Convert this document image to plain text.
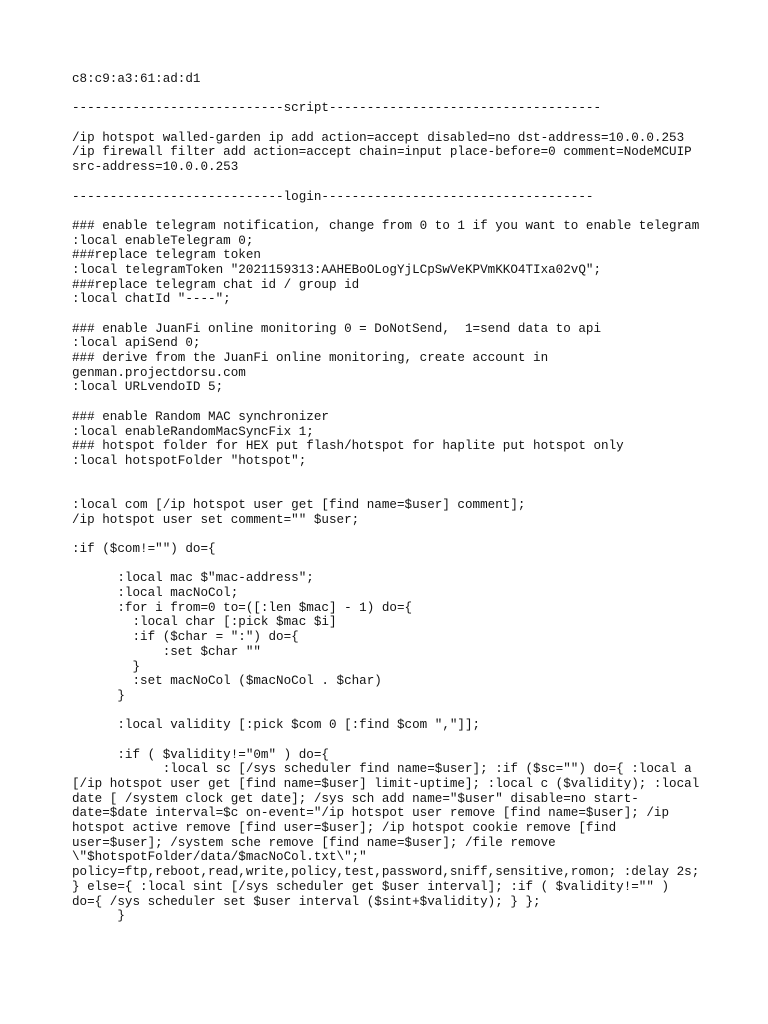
c8:c9:a3:61:ad:d1
----------------------------script------------------------------------
/ip hotspot walled-garden ip add action=accept disabled=no dst-address=10.0.0.253
/ip firewall filter add action=accept chain=input place-before=0 comment=NodeMCUIP
src-address=10.0.0.253
----------------------------login------------------------------------
### enable telegram notification, change from 0 to 1 if you want to enable telegram
:local enableTelegram 0;
###replace telegram token
:local telegramToken "2021159313:AAHEBoOLogYjLCpSwVeKPVmKKO4TIxa02vQ";
###replace telegram chat id / group id
:local chatId "----";
### enable JuanFi online monitoring 0 = DoNotSend,  1=send data to api
:local apiSend 0;
### derive from the JuanFi online monitoring, create account in
genman.projectdorsu.com
:local URLvendoID 5;
### enable Random MAC synchronizer
:local enableRandomMacSyncFix 1;
### hotspot folder for HEX put flash/hotspot for haplite put hotspot only
:local hotspotFolder "hotspot";
:local com [/ip hotspot user get [find name=$user] comment];
/ip hotspot user set comment="" $user;
:if ($com!="") do={
:local mac $"mac-address";
:local macNoCol;
:for i from=0 to=([:len $mac] - 1) do={
:local char [:pick $mac $i]
:if ($char = ":") do={
:set $char ""
}
:set macNoCol ($macNoCol . $char)
}
:local validity [:pick $com 0 [:find $com ","]];
:if ( $validity!="0m" ) do={
:local sc [/sys scheduler find name=$user]; :if ($sc="") do={ :local a
[/ip hotspot user get [find name=$user] limit-uptime]; :local c ($validity); :local
date [ /system clock get date]; /sys sch add name="$user" disable=no start-
date=$date interval=$c on-event="/ip hotspot user remove [find name=$user]; /ip
hotspot active remove [find user=$user]; /ip hotspot cookie remove [find
user=$user]; /system sche remove [find name=$user]; /file remove
\"$hotspotFolder/data/$macNoCol.txt\";"
policy=ftp,reboot,read,write,policy,test,password,sniff,sensitive,romon; :delay 2s;
} else={ :local sint [/sys scheduler get $user interval]; :if ( $validity!="" )
do={ /sys scheduler set $user interval ($sint+$validity); } };
}
